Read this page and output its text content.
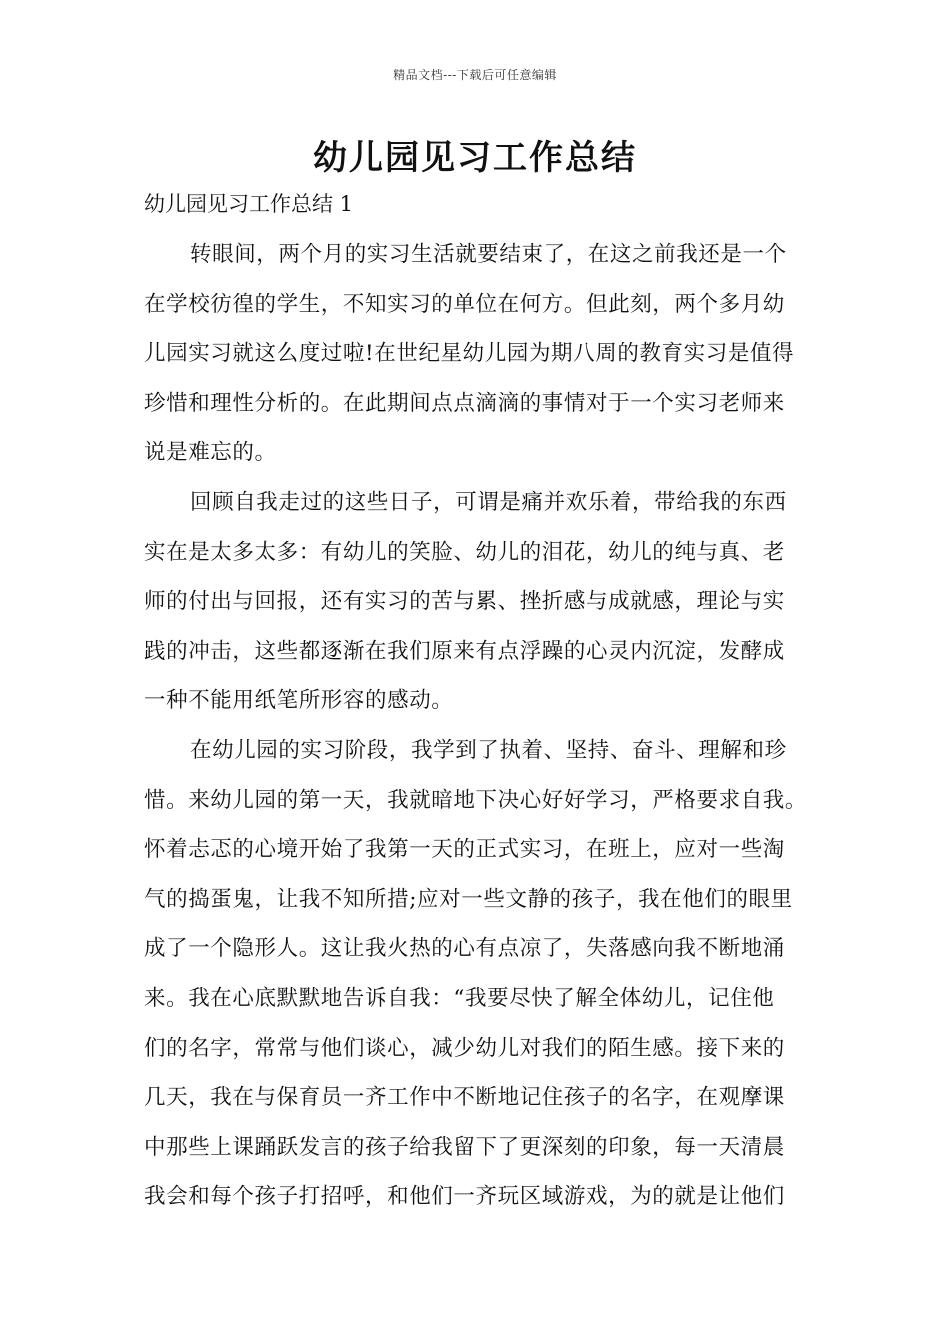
精品文档---下载后可任意编辑
幼儿园见习工作总结

幼儿园见习工作总结 1

转眼间，两个月的实习生活就要结束了，在这之前我还是一个
在学校彷徨的学生，不知实习的单位在何方。但此刻，两个多月幼
儿园实习就这么度过啦!在世纪星幼儿园为期八周的教育实习是值得
珍惜和理性分析的。在此期间点点滴滴的事情对于一个实习老师来
说是难忘的。
回顾自我走过的这些日子，可谓是痛并欢乐着，带给我的东西
实在是太多太多：有幼儿的笑脸、幼儿的泪花，幼儿的纯与真、老
师的付出与回报，还有实习的苦与累、挫折感与成就感，理论与实
践的冲击，这些都逐渐在我们原来有点浮躁的心灵内沉淀，发酵成
一种不能用纸笔所形容的感动。
在幼儿园的实习阶段，我学到了执着、坚持、奋斗、理解和珍
惜。来幼儿园的第一天，我就暗地下决心好好学习，严格要求自我。
怀着忐忑的心境开始了我第一天的正式实习，在班上，应对一些淘
气的捣蛋鬼，让我不知所措;应对一些文静的孩子，我在他们的眼里
成了一个隐形人。这让我火热的心有点凉了，失落感向我不断地涌
来。我在心底默默地告诉自我：“我要尽快了解全体幼儿，记住他
们的名字，常常与他们谈心，减少幼儿对我们的陌生感。接下来的
几天，我在与保育员一齐工作中不断地记住孩子的名字，在观摩课
中那些上课踊跃发言的孩子给我留下了更深刻的印象，每一天清晨
我会和每个孩子打招呼，和他们一齐玩区域游戏，为的就是让他们
